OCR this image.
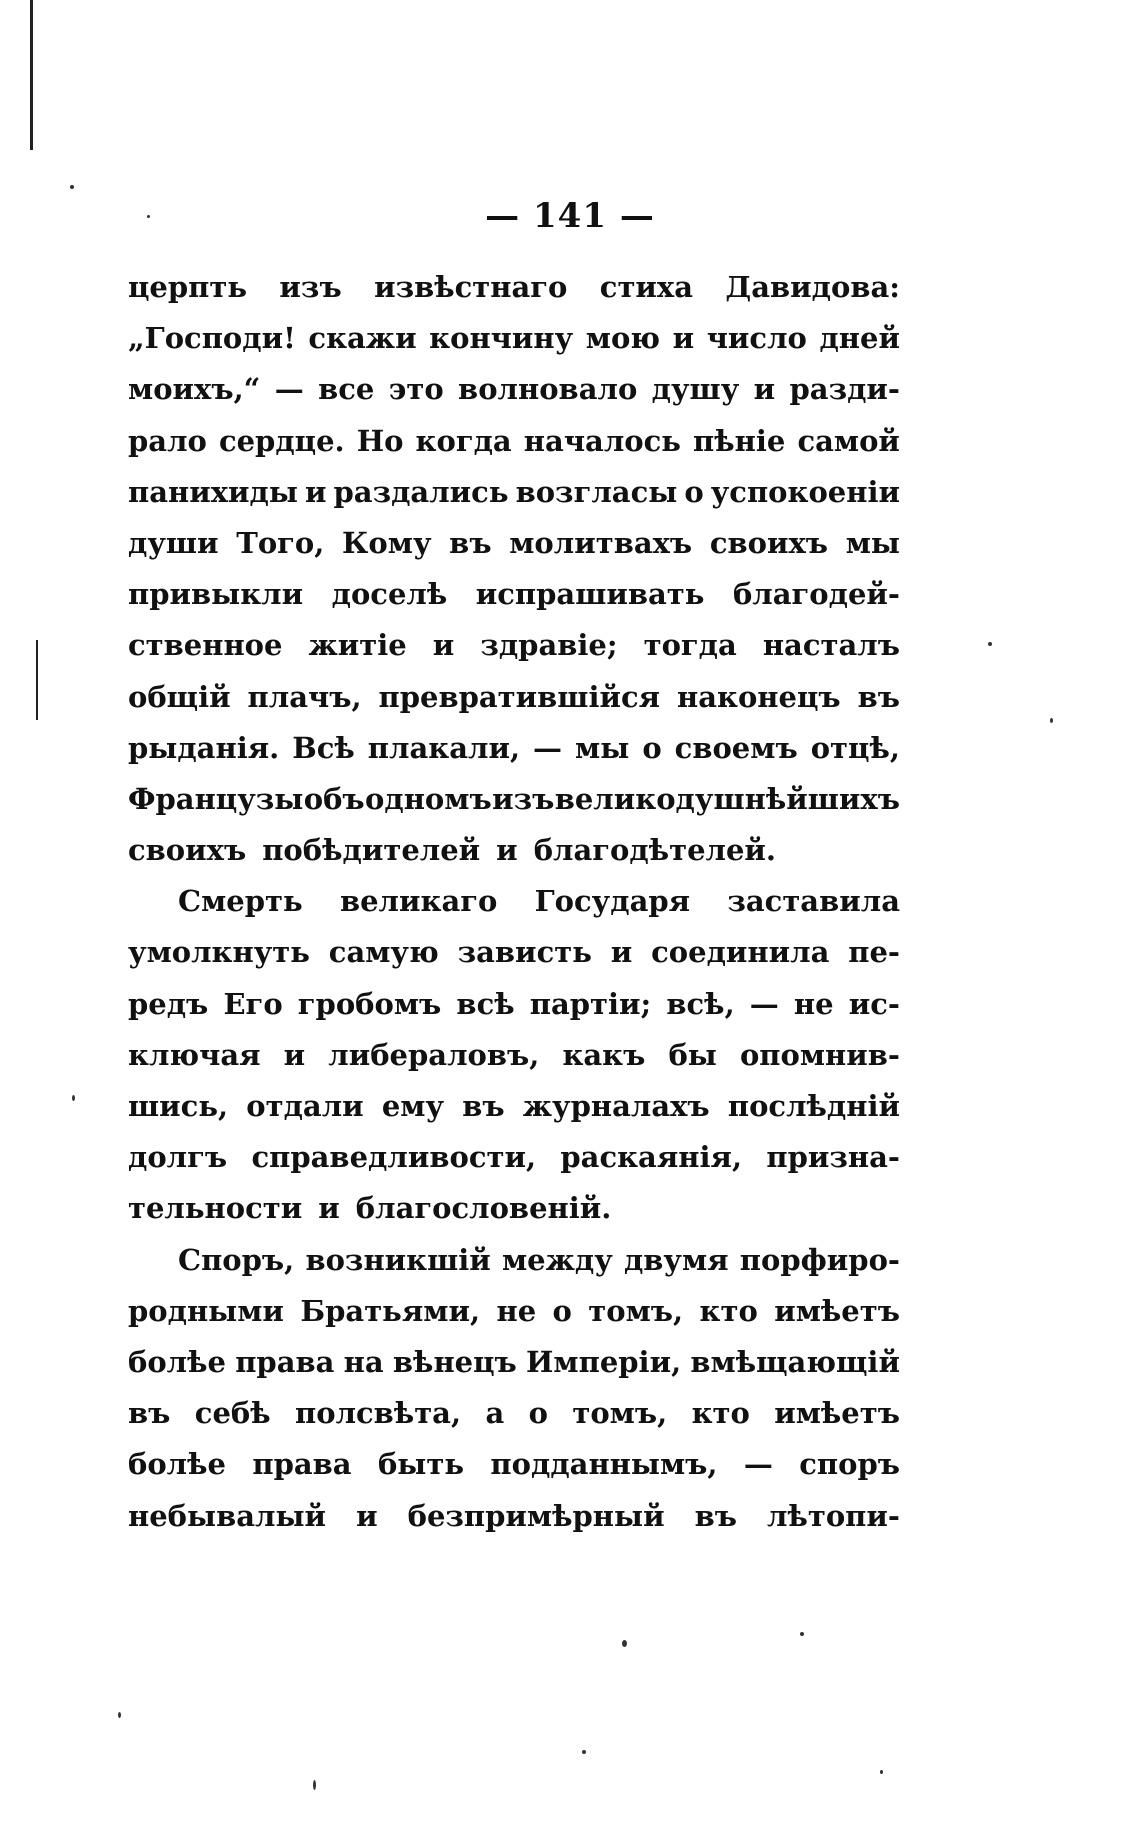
— 141 —
церпть изъ извѣстнаго стиха Давидова:
„Господи! скажи кончину мою и число дней
моихъ,“ — все это волновало душу и разди-
рало сердце. Но когда началось пѣніе самой
панихиды и раздались возгласы о успокоеніи
души Того, Кому въ молитвахъ своихъ мы
привыкли доселѣ испрашивать благодей-
ствeнное житіе и здравіе; тогда насталъ
общій плачъ, превратившійся наконецъ въ
рыданія. Всѣ плакали, — мы о своемъ отцѣ,
Французы объ одномъ изъ великодушнѣйшихъ
своихъ побѣдителей и благодѣтелей.
Смерть великаго Государя заставила
умолкнуть самую зависть и соединила пе-
редъ Его гробомъ всѣ партіи; всѣ, — не ис-
ключая и либераловъ, какъ бы опомнив-
шись, отдали ему въ журналахъ послѣдній
долгъ справедливости, раскаянія, призна-
тельности и благословеній.
Споръ, возникшій между двумя порфиро-
родными Братьями, не о томъ, кто имѣетъ
болѣе права на вѣнецъ Имперіи, вмѣщающій
въ себѣ полсвѣта, а о томъ, кто имѣетъ
болѣе права быть подданнымъ, — споръ
небывалый и безпримѣрный въ лѣтопи-
